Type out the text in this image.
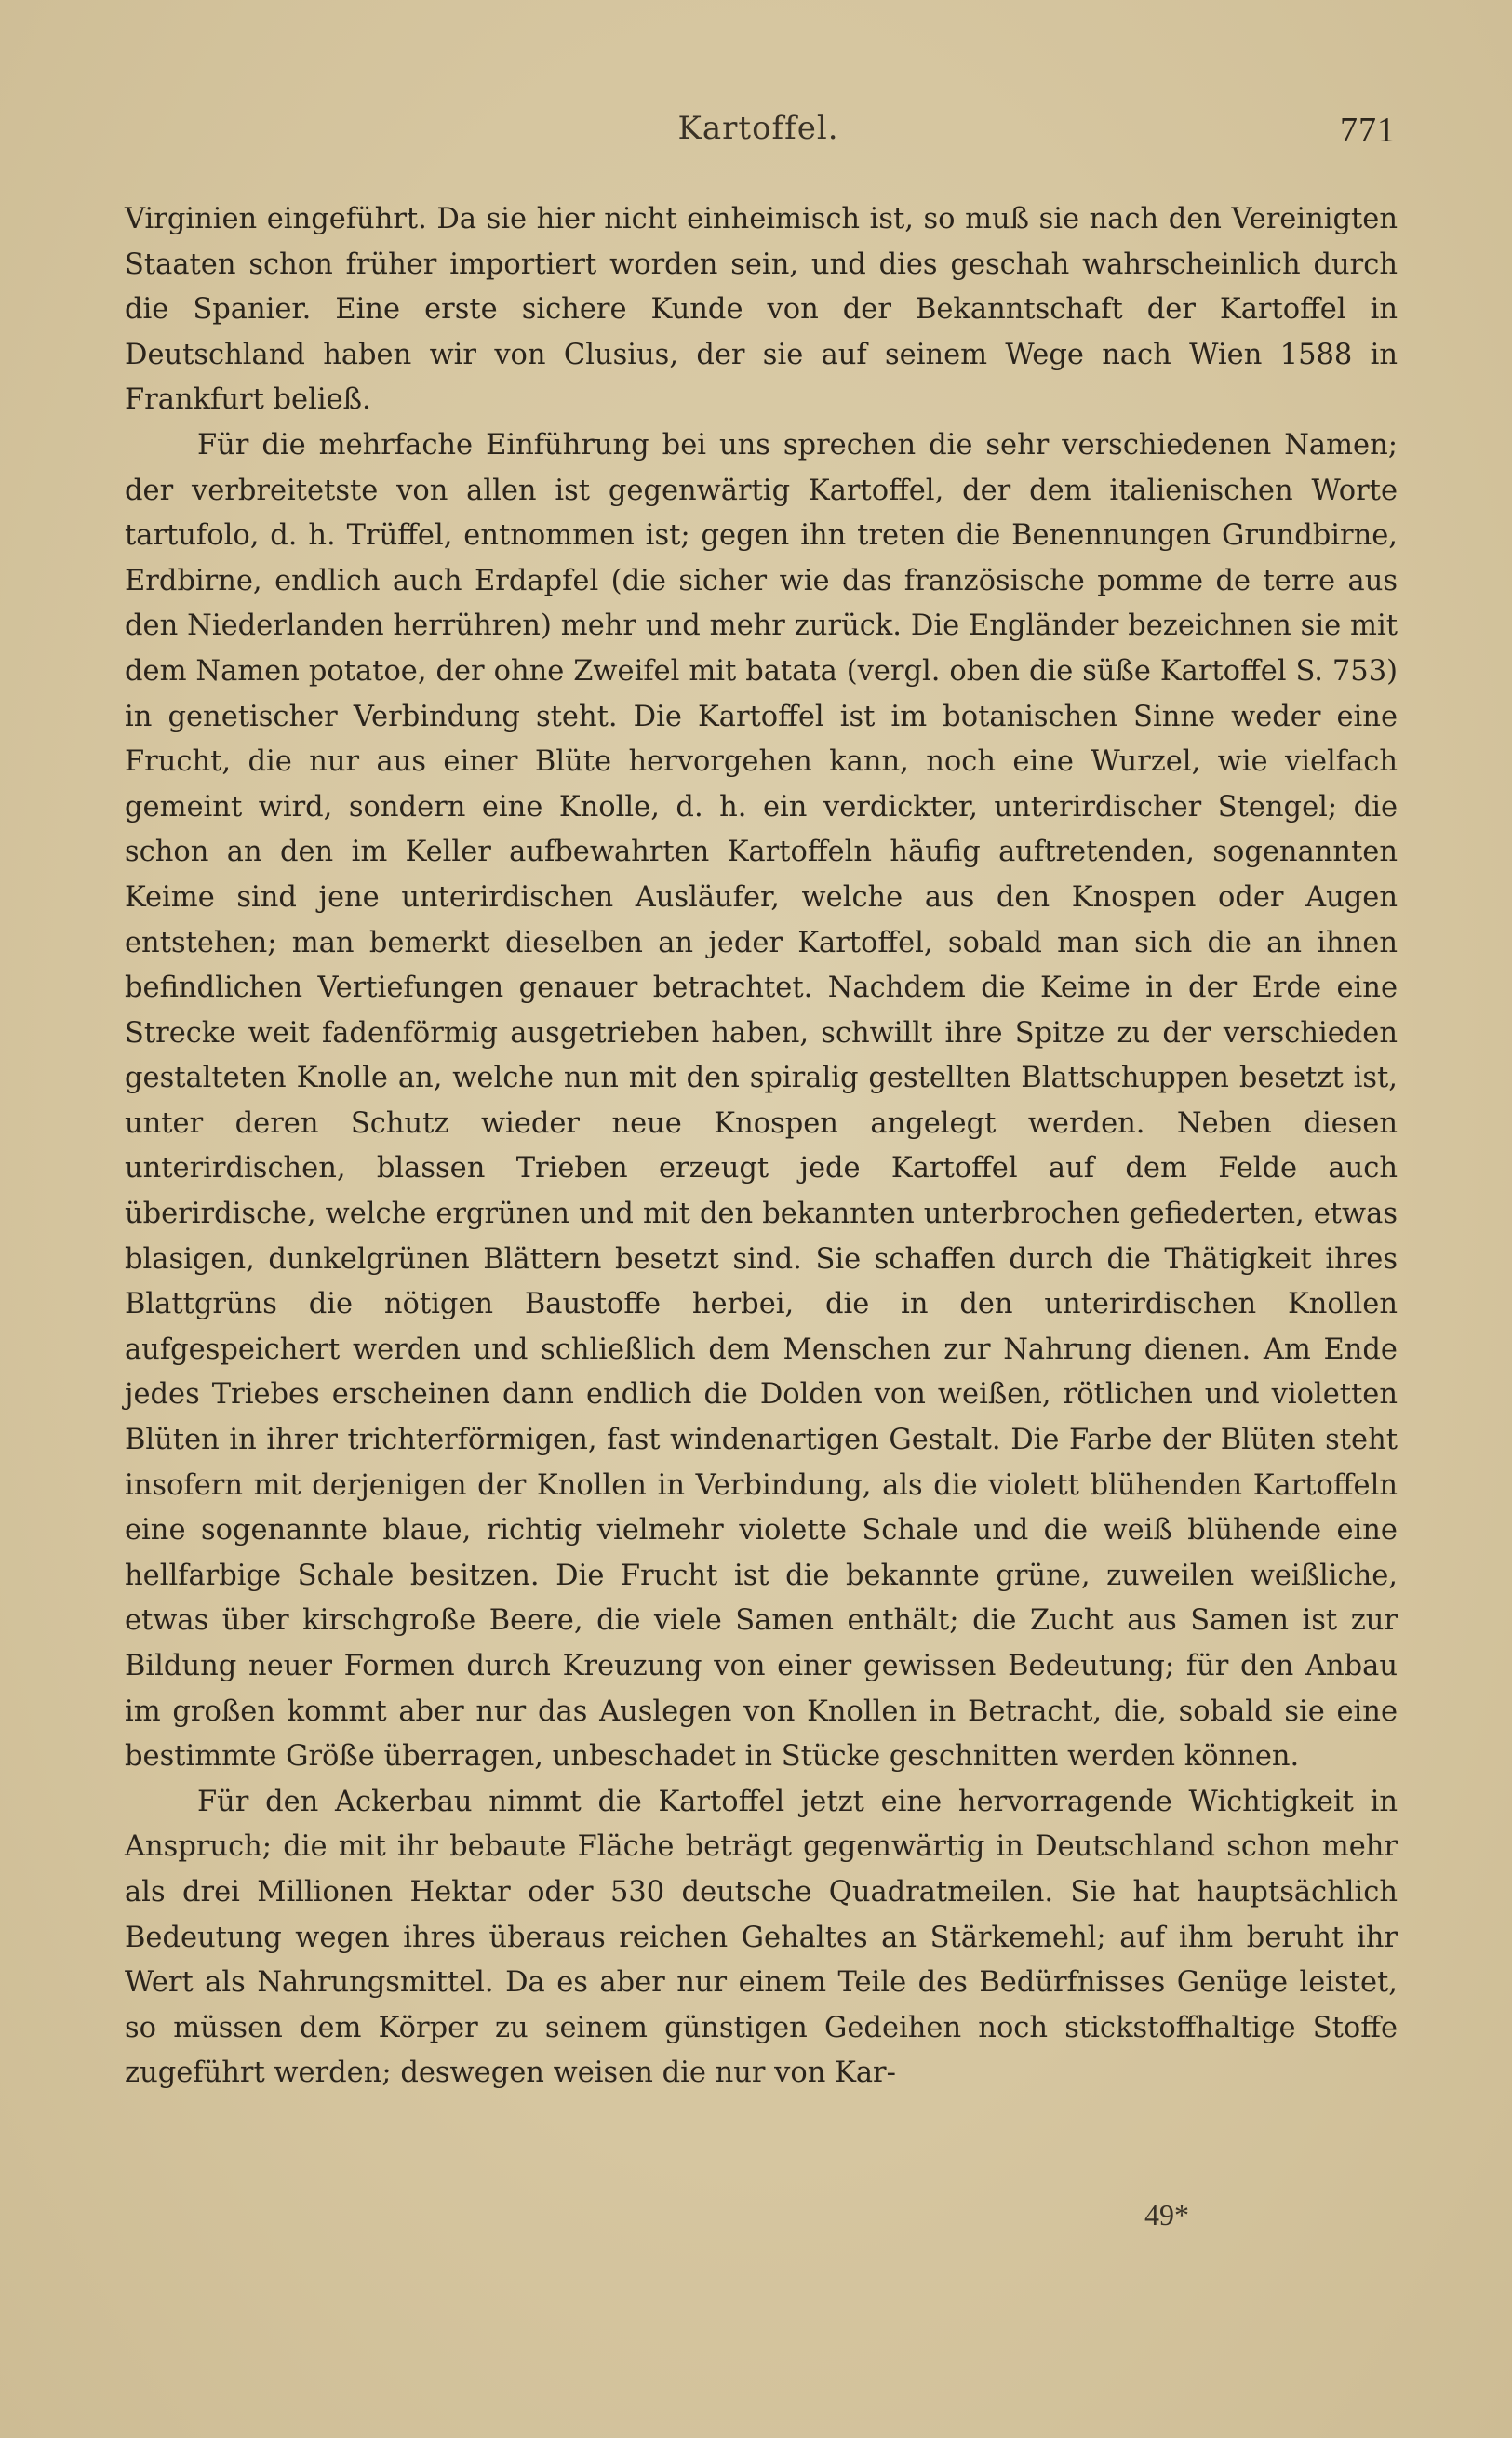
Kartoffel.	771

Virginien eingeführt. Da sie hier nicht einheimisch ist, so muß sie nach den Vereinigten Staaten schon früher importiert worden sein, und dies geschah wahrscheinlich durch die Spanier. Eine erste sichere Kunde von der Bekanntschaft der Kartoffel in Deutschland haben wir von Clusius, der sie auf seinem Wege nach Wien 1588 in Frankfurt beließ.

Für die mehrfache Einführung bei uns sprechen die sehr verschiedenen Namen; der verbreitetste von allen ist gegenwärtig Kartoffel, der dem italienischen Worte tartufolo, d. h. Trüffel, entnommen ist; gegen ihn treten die Benennungen Grundbirne, Erdbirne, endlich auch Erdapfel (die sicher wie das französische pomme de terre aus den Niederlanden herrühren) mehr und mehr zurück. Die Engländer bezeichnen sie mit dem Namen potatoe, der ohne Zweifel mit batata (vergl. oben die süße Kartoffel S. 753) in genetischer Verbindung steht. Die Kartoffel ist im botanischen Sinne weder eine Frucht, die nur aus einer Blüte hervorgehen kann, noch eine Wurzel, wie vielfach gemeint wird, sondern eine Knolle, d. h. ein verdickter, unterirdischer Stengel; die schon an den im Keller aufbewahrten Kartoffeln häufig auftretenden, sogenannten Keime sind jene unterirdischen Ausläufer, welche aus den Knospen oder Augen entstehen; man bemerkt dieselben an jeder Kartoffel, sobald man sich die an ihnen befindlichen Vertiefungen genauer betrachtet. Nachdem die Keime in der Erde eine Strecke weit fadenförmig ausgetrieben haben, schwillt ihre Spitze zu der verschieden gestalteten Knolle an, welche nun mit den spiralig gestellten Blattschuppen besetzt ist, unter deren Schutz wieder neue Knospen angelegt werden. Neben diesen unterirdischen, blassen Trieben erzeugt jede Kartoffel auf dem Felde auch überirdische, welche ergrünen und mit den bekannten unterbrochen gefiederten, etwas blasigen, dunkelgrünen Blättern besetzt sind. Sie schaffen durch die Thätigkeit ihres Blattgrüns die nötigen Baustoffe herbei, die in den unterirdischen Knollen aufgespeichert werden und schließlich dem Menschen zur Nahrung dienen. Am Ende jedes Triebes erscheinen dann endlich die Dolden von weißen, rötlichen und violetten Blüten in ihrer trichterförmigen, fast windenartigen Gestalt. Die Farbe der Blüten steht insofern mit derjenigen der Knollen in Verbindung, als die violett blühenden Kartoffeln eine sogenannte blaue, richtig vielmehr violette Schale und die weiß blühende eine hellfarbige Schale besitzen. Die Frucht ist die bekannte grüne, zuweilen weißliche, etwas über kirschgroße Beere, die viele Samen enthält; die Zucht aus Samen ist zur Bildung neuer Formen durch Kreuzung von einer gewissen Bedeutung; für den Anbau im großen kommt aber nur das Auslegen von Knollen in Betracht, die, sobald sie eine bestimmte Größe überragen, unbeschadet in Stücke geschnitten werden können.

Für den Ackerbau nimmt die Kartoffel jetzt eine hervorragende Wichtigkeit in Anspruch; die mit ihr bebaute Fläche beträgt gegenwärtig in Deutschland schon mehr als drei Millionen Hektar oder 530 deutsche Quadratmeilen. Sie hat hauptsächlich Bedeutung wegen ihres überaus reichen Gehaltes an Stärkemehl; auf ihm beruht ihr Wert als Nahrungsmittel. Da es aber nur einem Teile des Bedürfnisses Genüge leistet, so müssen dem Körper zu seinem günstigen Gedeihen noch stickstoffhaltige Stoffe zugeführt werden; deswegen weisen die nur von Kar-

49*
